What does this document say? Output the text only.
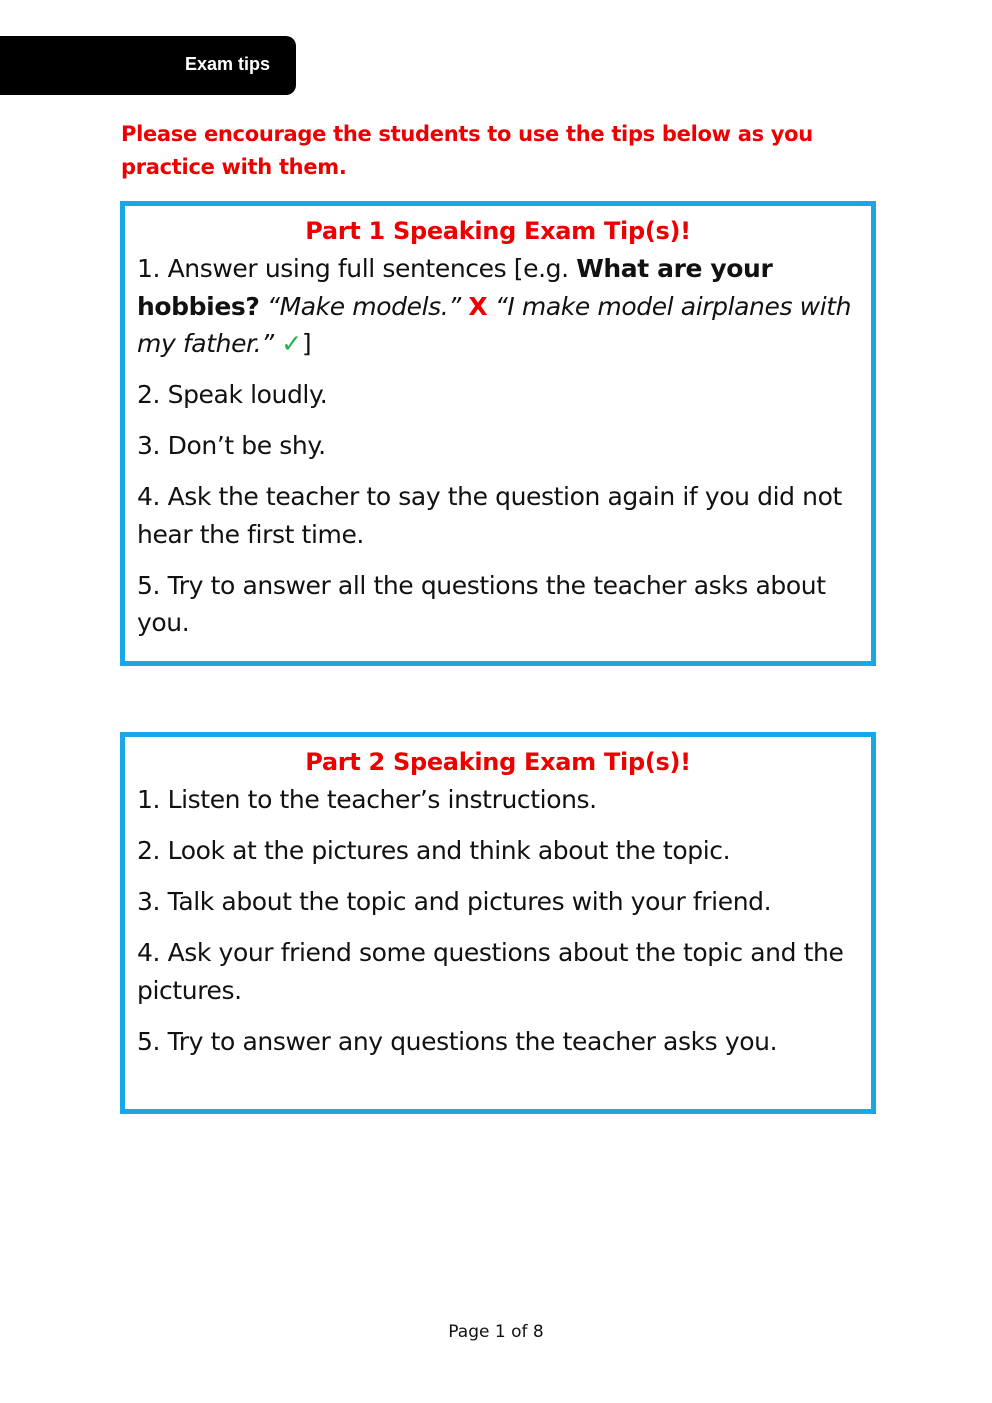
Exam tips
Please encourage the students to use the tips below as you practice with them.
Part 1 Speaking Exam Tip(s)!
1. Answer using full sentences [e.g. What are your hobbies? “Make models.” X “I make model airplanes with my father.” ✓]
2. Speak loudly.
3. Don’t be shy.
4. Ask the teacher to say the question again if you did not hear the first time.
5. Try to answer all the questions the teacher asks about you.
Part 2 Speaking Exam Tip(s)!
1. Listen to the teacher’s instructions.
2. Look at the pictures and think about the topic.
3. Talk about the topic and pictures with your friend.
4. Ask your friend some questions about the topic and the pictures.
5. Try to answer any questions the teacher asks you.
Page 1 of 8
